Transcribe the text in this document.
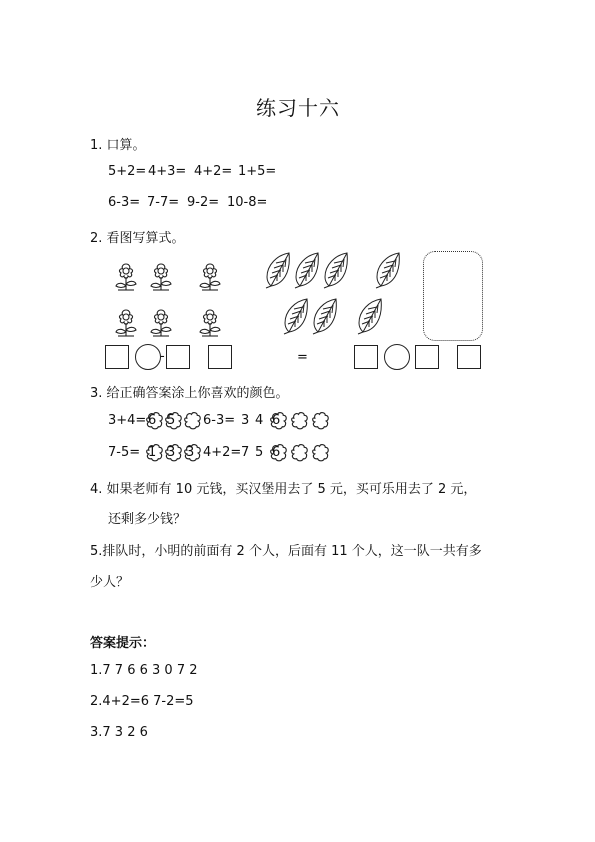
练习十六
1. 口算。
5+2= 4+3= 4+2= 1+5=
6-3= 7-7= 9-2= 10-8=
2. 看图写算式。
-	=
3. 给正确答案涂上你喜欢的颜色。
3+4= 6 5 6-3= 3 4 6
7-5= 1 3 3 4+2= 7 5 6
4. 如果老师有 10 元钱，买汉堡用去了 5 元，买可乐用去了 2 元，
还剩多少钱？
5.排队时，小明的前面有 2 个人，后面有 11 个人，这一队一共有多
少人？
答案提示：
1.7 7 6 6 3 0 7 2
2.4+2=6 7-2=5
3.7 3 2 6
